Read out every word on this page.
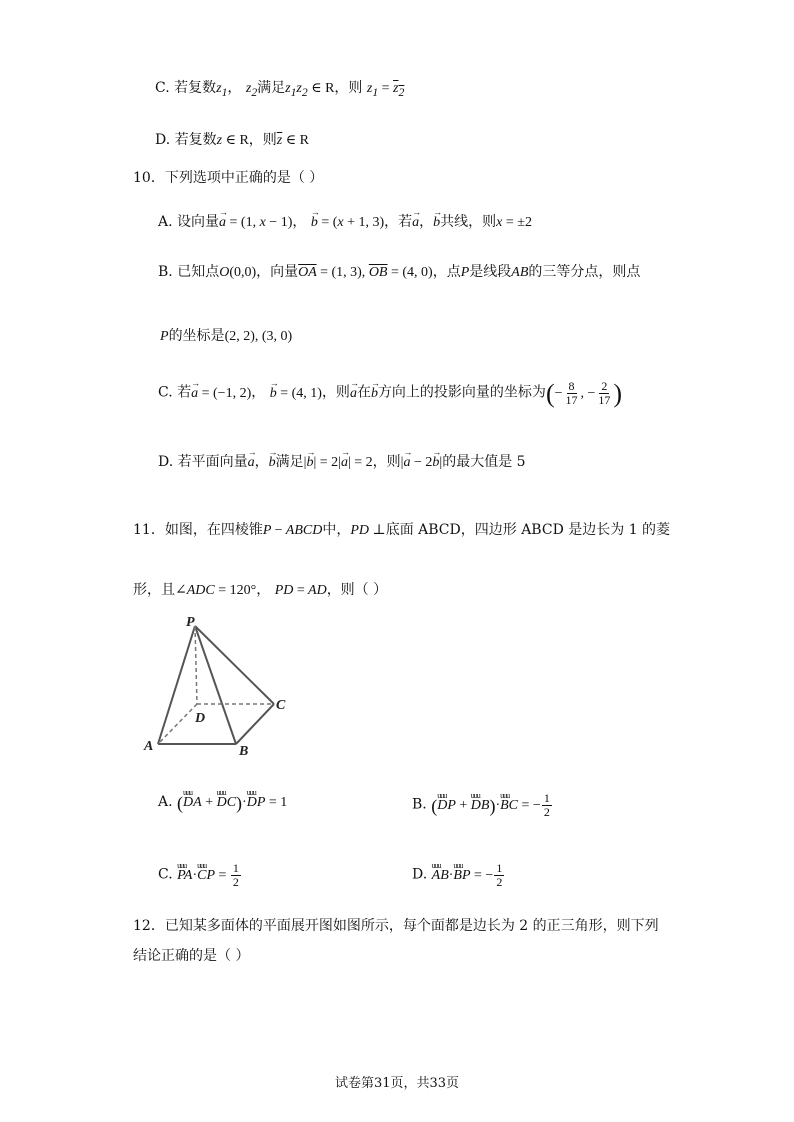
C. 若复数$z_1$， $z_2$满足$z_1z_2$ ∈ R，则 $z_1 = z_2$
D. 若复数z ∈ R，则$\overline{z}$ ∈ R
10．下列选项中正确的是（ ）
A. 设向量→ a = (1, x − 1)， → b = (x + 1, 3)，若→ a，→ b共线，则x = ±2
B. 已知点O(0,0)，向量$\overline{OA} = (1$, 3), $\overline{OB} = (4$, 0)，点P是线段AB的三等分点，则点
P的坐标是(2, 2), (3, 0)
C. 若→ a = (−1, 2)， → b = (4, 1)，则→ a在→ b方向上的投影向量的坐标为(− $\frac{8}{17}$ , − $\frac{2}{17}$ )
D. 若平面向量→ a，→ b满足|→ b| = 2|→ a| = 2，则|→ a − 2→ b|的最大值是 5
11．如图，在四棱锥P − ABCD中，PD ⊥底面 ABCD，四边形 ABCD 是边长为 1 的菱
形，且∠ADC = 120°， PD = AD，则（ ）
P
D
C
A	B
A. (
uuu
DA +
uuu
DC)·
uuu
DP = 1	B. (
uuu
DP +
uuu
DB)·
uuu
BC = − $\frac{1}{2}$
C.
uuu
PA·
uuu
CP = $\frac{1}{2}$	D.
uuu
AB·
uuu
BP = − $\frac{1}{2}$
12．已知某多面体的平面展开图如图所示，每个面都是边长为 2 的正三角形，则下列
结论正确的是（ ）
试卷第31页，共33页
